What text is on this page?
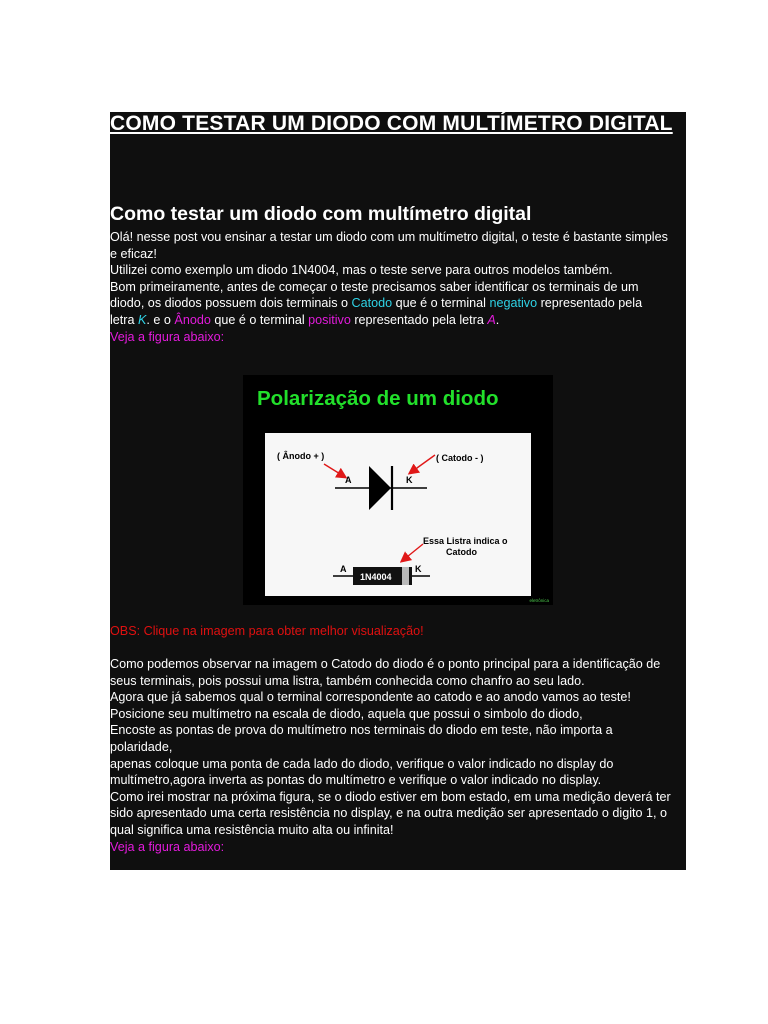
COMO TESTAR UM DIODO COM MULTÍMETRO DIGITAL
Como testar um diodo com multímetro digital
Olá! nesse post vou ensinar a testar um diodo com um multímetro digital, o teste é bastante simples
e eficaz!
Utilizei como exemplo um diodo 1N4004, mas o teste serve para outros modelos também.
Bom primeiramente, antes de começar o teste precisamos saber identificar os terminais de um
diodo, os diodos possuem dois terminais o Catodo que é o terminal negativo representado pela
letra K. e o Ânodo que é o terminal positivo representado pela letra A.
Veja a figura abaixo:
Polarização de um diodo
( Ânodo + )	( Catodo - )
A	K
Essa Listra indica o
Catodo
A	K
1N4004
eletrônica
OBS: Clique na imagem para obter melhor visualização!
Como podemos observar na imagem o Catodo do diodo é o ponto principal para a identificação de
seus terminais, pois possui uma listra, também conhecida como chanfro ao seu lado.
Agora que já sabemos qual o terminal correspondente ao catodo e ao anodo vamos ao teste!
Posicione seu multímetro na escala de diodo, aquela que possui o simbolo do diodo,
Encoste as pontas de prova do multímetro nos terminais do diodo em teste, não importa a
polaridade,
apenas coloque uma ponta de cada lado do diodo, verifique o valor indicado no display do
multímetro,agora inverta as pontas do multímetro e verifique o valor indicado no display.
Como irei mostrar na próxima figura, se o diodo estiver em bom estado, em uma medição deverá ter
sido apresentado uma certa resistência no display, e na outra medição ser apresentado o digito 1, o
qual significa uma resistência muito alta ou infinita!
Veja a figura abaixo:
